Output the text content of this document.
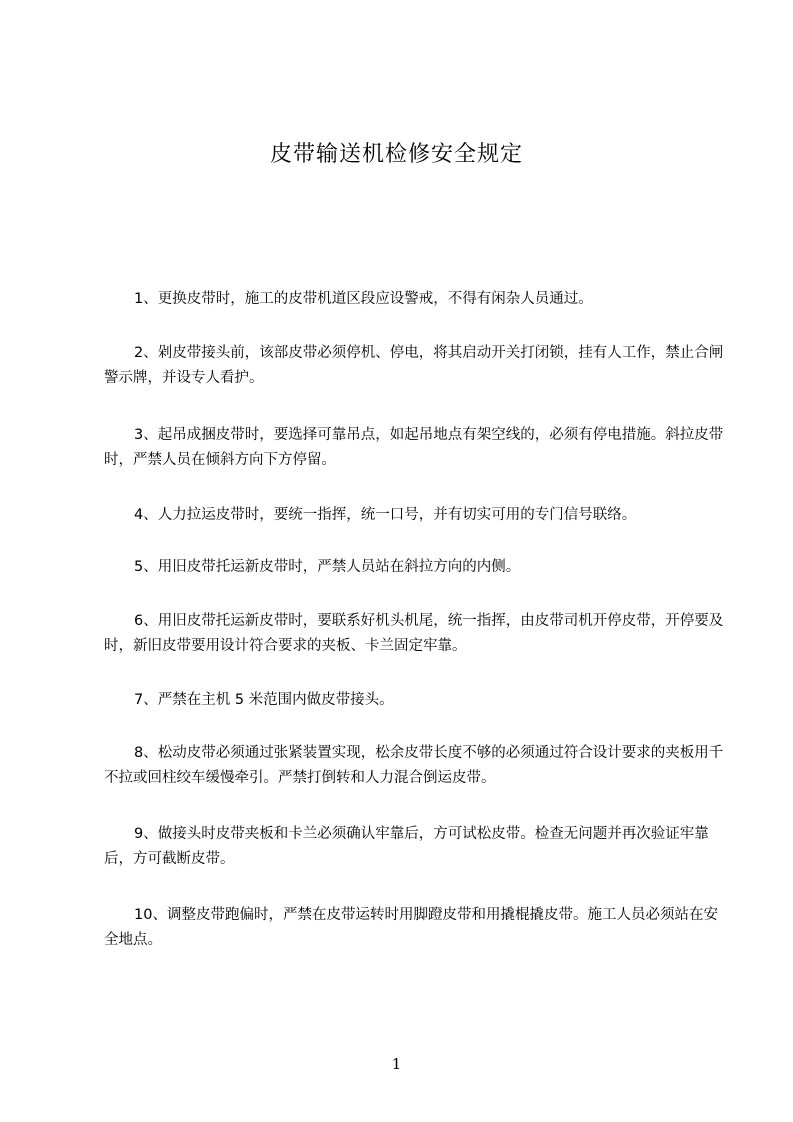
皮带输送机检修安全规定

1、更换皮带时，施工的皮带机道区段应设警戒，不得有闲杂人员通过。

2、剁皮带接头前，该部皮带必须停机、停电，将其启动开关打闭锁，挂有人工作，禁止合闸警示牌，并设专人看护。

3、起吊成捆皮带时，要选择可靠吊点，如起吊地点有架空线的，必须有停电措施。斜拉皮带时，严禁人员在倾斜方向下方停留。

4、人力拉运皮带时，要统一指挥，统一口号，并有切实可用的专门信号联络。

5、用旧皮带托运新皮带时，严禁人员站在斜拉方向的内侧。

6、用旧皮带托运新皮带时，要联系好机头机尾，统一指挥，由皮带司机开停皮带，开停要及时，新旧皮带要用设计符合要求的夹板、卡兰固定牢靠。

7、严禁在主机 5 米范围内做皮带接头。

8、松动皮带必须通过张紧装置实现，松余皮带长度不够的必须通过符合设计要求的夹板用千不拉或回柱绞车缓慢牵引。严禁打倒转和人力混合倒运皮带。

9、做接头时皮带夹板和卡兰必须确认牢靠后，方可试松皮带。检查无问题并再次验证牢靠后，方可截断皮带。

10、调整皮带跑偏时，严禁在皮带运转时用脚蹬皮带和用撬棍撬皮带。施工人员必须站在安全地点。

1
